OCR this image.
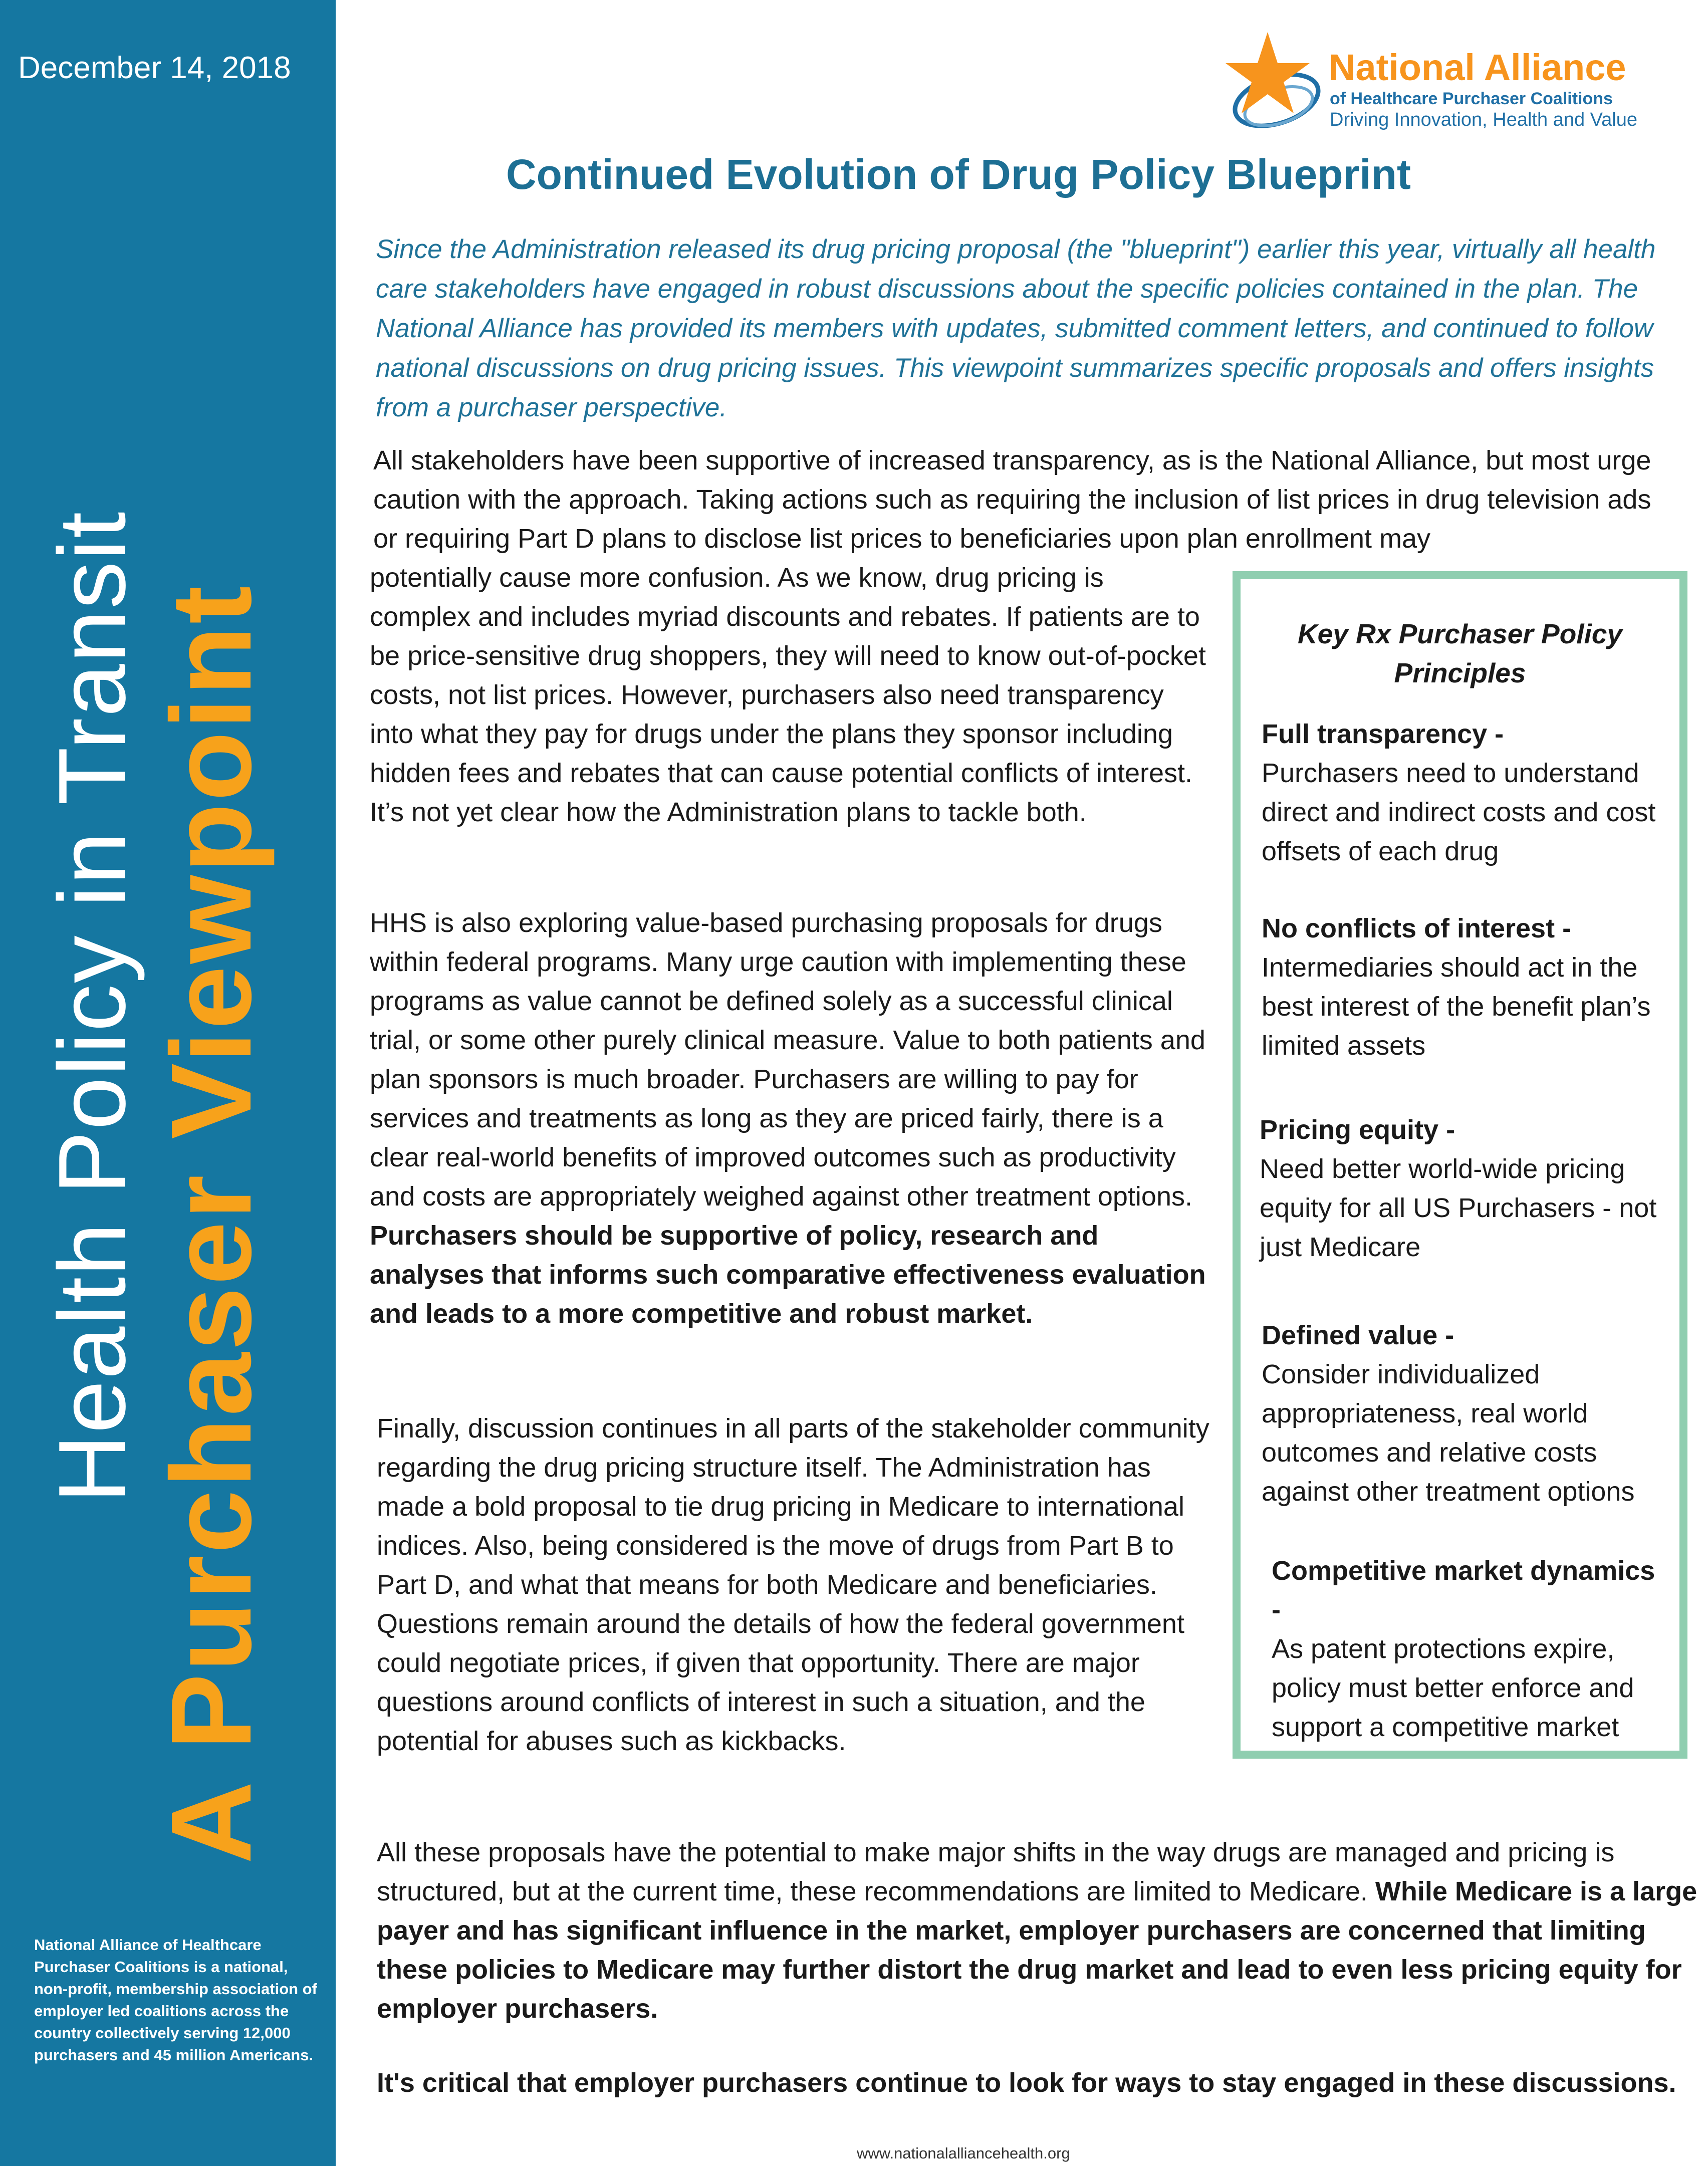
December 14, 2018
Health Policy in Transit A Purchaser Viewpoint
National Alliance of Healthcare Purchaser Coalitions is a national, non-profit, membership association of employer led coalitions across the country collectively serving 12,000 purchasers and 45 million Americans.
National Alliance
of Healthcare Purchaser Coalitions
Driving Innovation, Health and Value
Continued Evolution of Drug Policy Blueprint
Since the Administration released its drug pricing proposal (the "blueprint") earlier this year, virtually all health care stakeholders have engaged in robust discussions about the specific policies contained in the plan. The National Alliance has provided its members with updates, submitted comment letters, and continued to follow national discussions on drug pricing issues. This viewpoint summarizes specific proposals and offers insights from a purchaser perspective.
All stakeholders have been supportive of increased transparency, as is the National Alliance, but most urge caution with the approach. Taking actions such as requiring the inclusion of list prices in drug television ads or requiring Part D plans to disclose list prices to beneficiaries upon plan enrollment may
potentially cause more confusion. As we know, drug pricing is complex and includes myriad discounts and rebates. If patients are to be price-sensitive drug shoppers, they will need to know out-of-pocket costs, not list prices. However, purchasers also need transparency into what they pay for drugs under the plans they sponsor including hidden fees and rebates that can cause potential conflicts of interest. It’s not yet clear how the Administration plans to tackle both.
HHS is also exploring value-based purchasing proposals for drugs within federal programs. Many urge caution with implementing these programs as value cannot be defined solely as a successful clinical trial, or some other purely clinical measure. Value to both patients and plan sponsors is much broader. Purchasers are willing to pay for services and treatments as long as they are priced fairly, there is a clear real-world benefits of improved outcomes such as productivity and costs are appropriately weighed against other treatment options. Purchasers should be supportive of policy, research and analyses that informs such comparative effectiveness evaluation and leads to a more competitive and robust market.
Finally, discussion continues in all parts of the stakeholder community regarding the drug pricing structure itself. The Administration has made a bold proposal to tie drug pricing in Medicare to international indices. Also, being considered is the move of drugs from Part B to Part D, and what that means for both Medicare and beneficiaries. Questions remain around the details of how the federal government could negotiate prices, if given that opportunity. There are major questions around conflicts of interest in such a situation, and the potential for abuses such as kickbacks.
All these proposals have the potential to make major shifts in the way drugs are managed and pricing is structured, but at the current time, these recommendations are limited to Medicare. While Medicare is a large payer and has significant influence in the market, employer purchasers are concerned that limiting these policies to Medicare may further distort the drug market and lead to even less pricing equity for employer purchasers.
It's critical that employer purchasers continue to look for ways to stay engaged in these discussions.
Key Rx Purchaser Policy Principles
Full transparency -
Purchasers need to understand direct and indirect costs and cost offsets of each drug
No conflicts of interest -
Intermediaries should act in the best interest of the benefit plan’s limited assets
Pricing equity -
Need better world-wide pricing equity for all US Purchasers - not just Medicare
Defined value -
Consider individualized appropriateness, real world outcomes and relative costs against other treatment options
Competitive market dynamics -
As patent protections expire, policy must better enforce and support a competitive market
www.nationalalliancehealth.org
